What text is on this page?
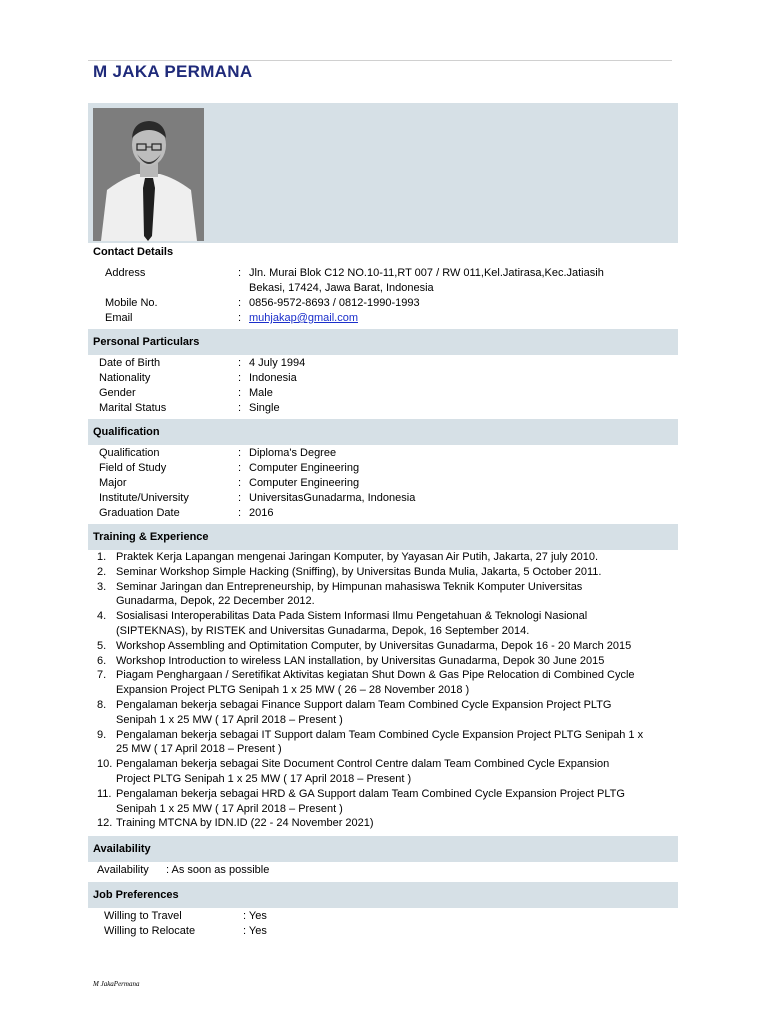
M JAKA PERMANA
Contact Details
Address	: Jln. Murai Blok C12 NO.10-11,RT 007 / RW 011,Kel.Jatirasa,Kec.Jatiasih
Bekasi, 17424, Jawa Barat, Indonesia
Mobile No.	: 0856-9572-8693 / 0812-1990-1993
Email	: muhjakap@gmail.com
Personal Particulars
Date of Birth	: 4 July 1994
Nationality	: Indonesia
Gender	: Male
Marital Status	: Single
Qualification
Qualification	: Diploma's Degree
Field of Study	: Computer Engineering
Major	: Computer Engineering
Institute/University	: UniversitasGunadarma, Indonesia
Graduation Date	: 2016
Training & Experience
1. Praktek Kerja Lapangan mengenai Jaringan Komputer, by Yayasan Air Putih, Jakarta, 27 july 2010.
2. Seminar Workshop Simple Hacking (Sniffing), by Universitas Bunda Mulia, Jakarta, 5 October 2011.
3. Seminar Jaringan dan Entrepreneurship, by Himpunan mahasiswa Teknik Komputer Universitas
Gunadarma, Depok, 22 December 2012.
4. Sosialisasi Interoperabilitas Data Pada Sistem Informasi Ilmu Pengetahuan & Teknologi Nasional
(SIPTEKNAS), by RISTEK and Universitas Gunadarma, Depok, 16 September 2014.
5. Workshop Assembling and Optimitation Computer, by Universitas Gunadarma, Depok 16 - 20 March 2015
6. Workshop Introduction to wireless LAN installation, by Universitas Gunadarma, Depok 30 June 2015
7. Piagam Penghargaan / Seretifikat Aktivitas kegiatan Shut Down & Gas Pipe Relocation di Combined Cycle
Expansion Project PLTG Senipah 1 x 25 MW ( 26 – 28 November 2018 )
8. Pengalaman bekerja sebagai Finance Support dalam Team Combined Cycle Expansion Project PLTG
Senipah 1 x 25 MW ( 17 April 2018 – Present )
9. Pengalaman bekerja sebagai IT Support dalam Team Combined Cycle Expansion Project PLTG Senipah 1 x
25 MW ( 17 April 2018 – Present )
10. Pengalaman bekerja sebagai Site Document Control Centre dalam Team Combined Cycle Expansion
Project PLTG Senipah 1 x 25 MW ( 17 April 2018 – Present )
11. Pengalaman bekerja sebagai HRD & GA Support dalam Team Combined Cycle Expansion Project PLTG
Senipah 1 x 25 MW ( 17 April 2018 – Present )
12. Training MTCNA by IDN.ID (22 - 24 November 2021)
Availability
Availability : As soon as possible
Job Preferences
Willing to Travel	: Yes
Willing to Relocate	: Yes
M JakaPermana
